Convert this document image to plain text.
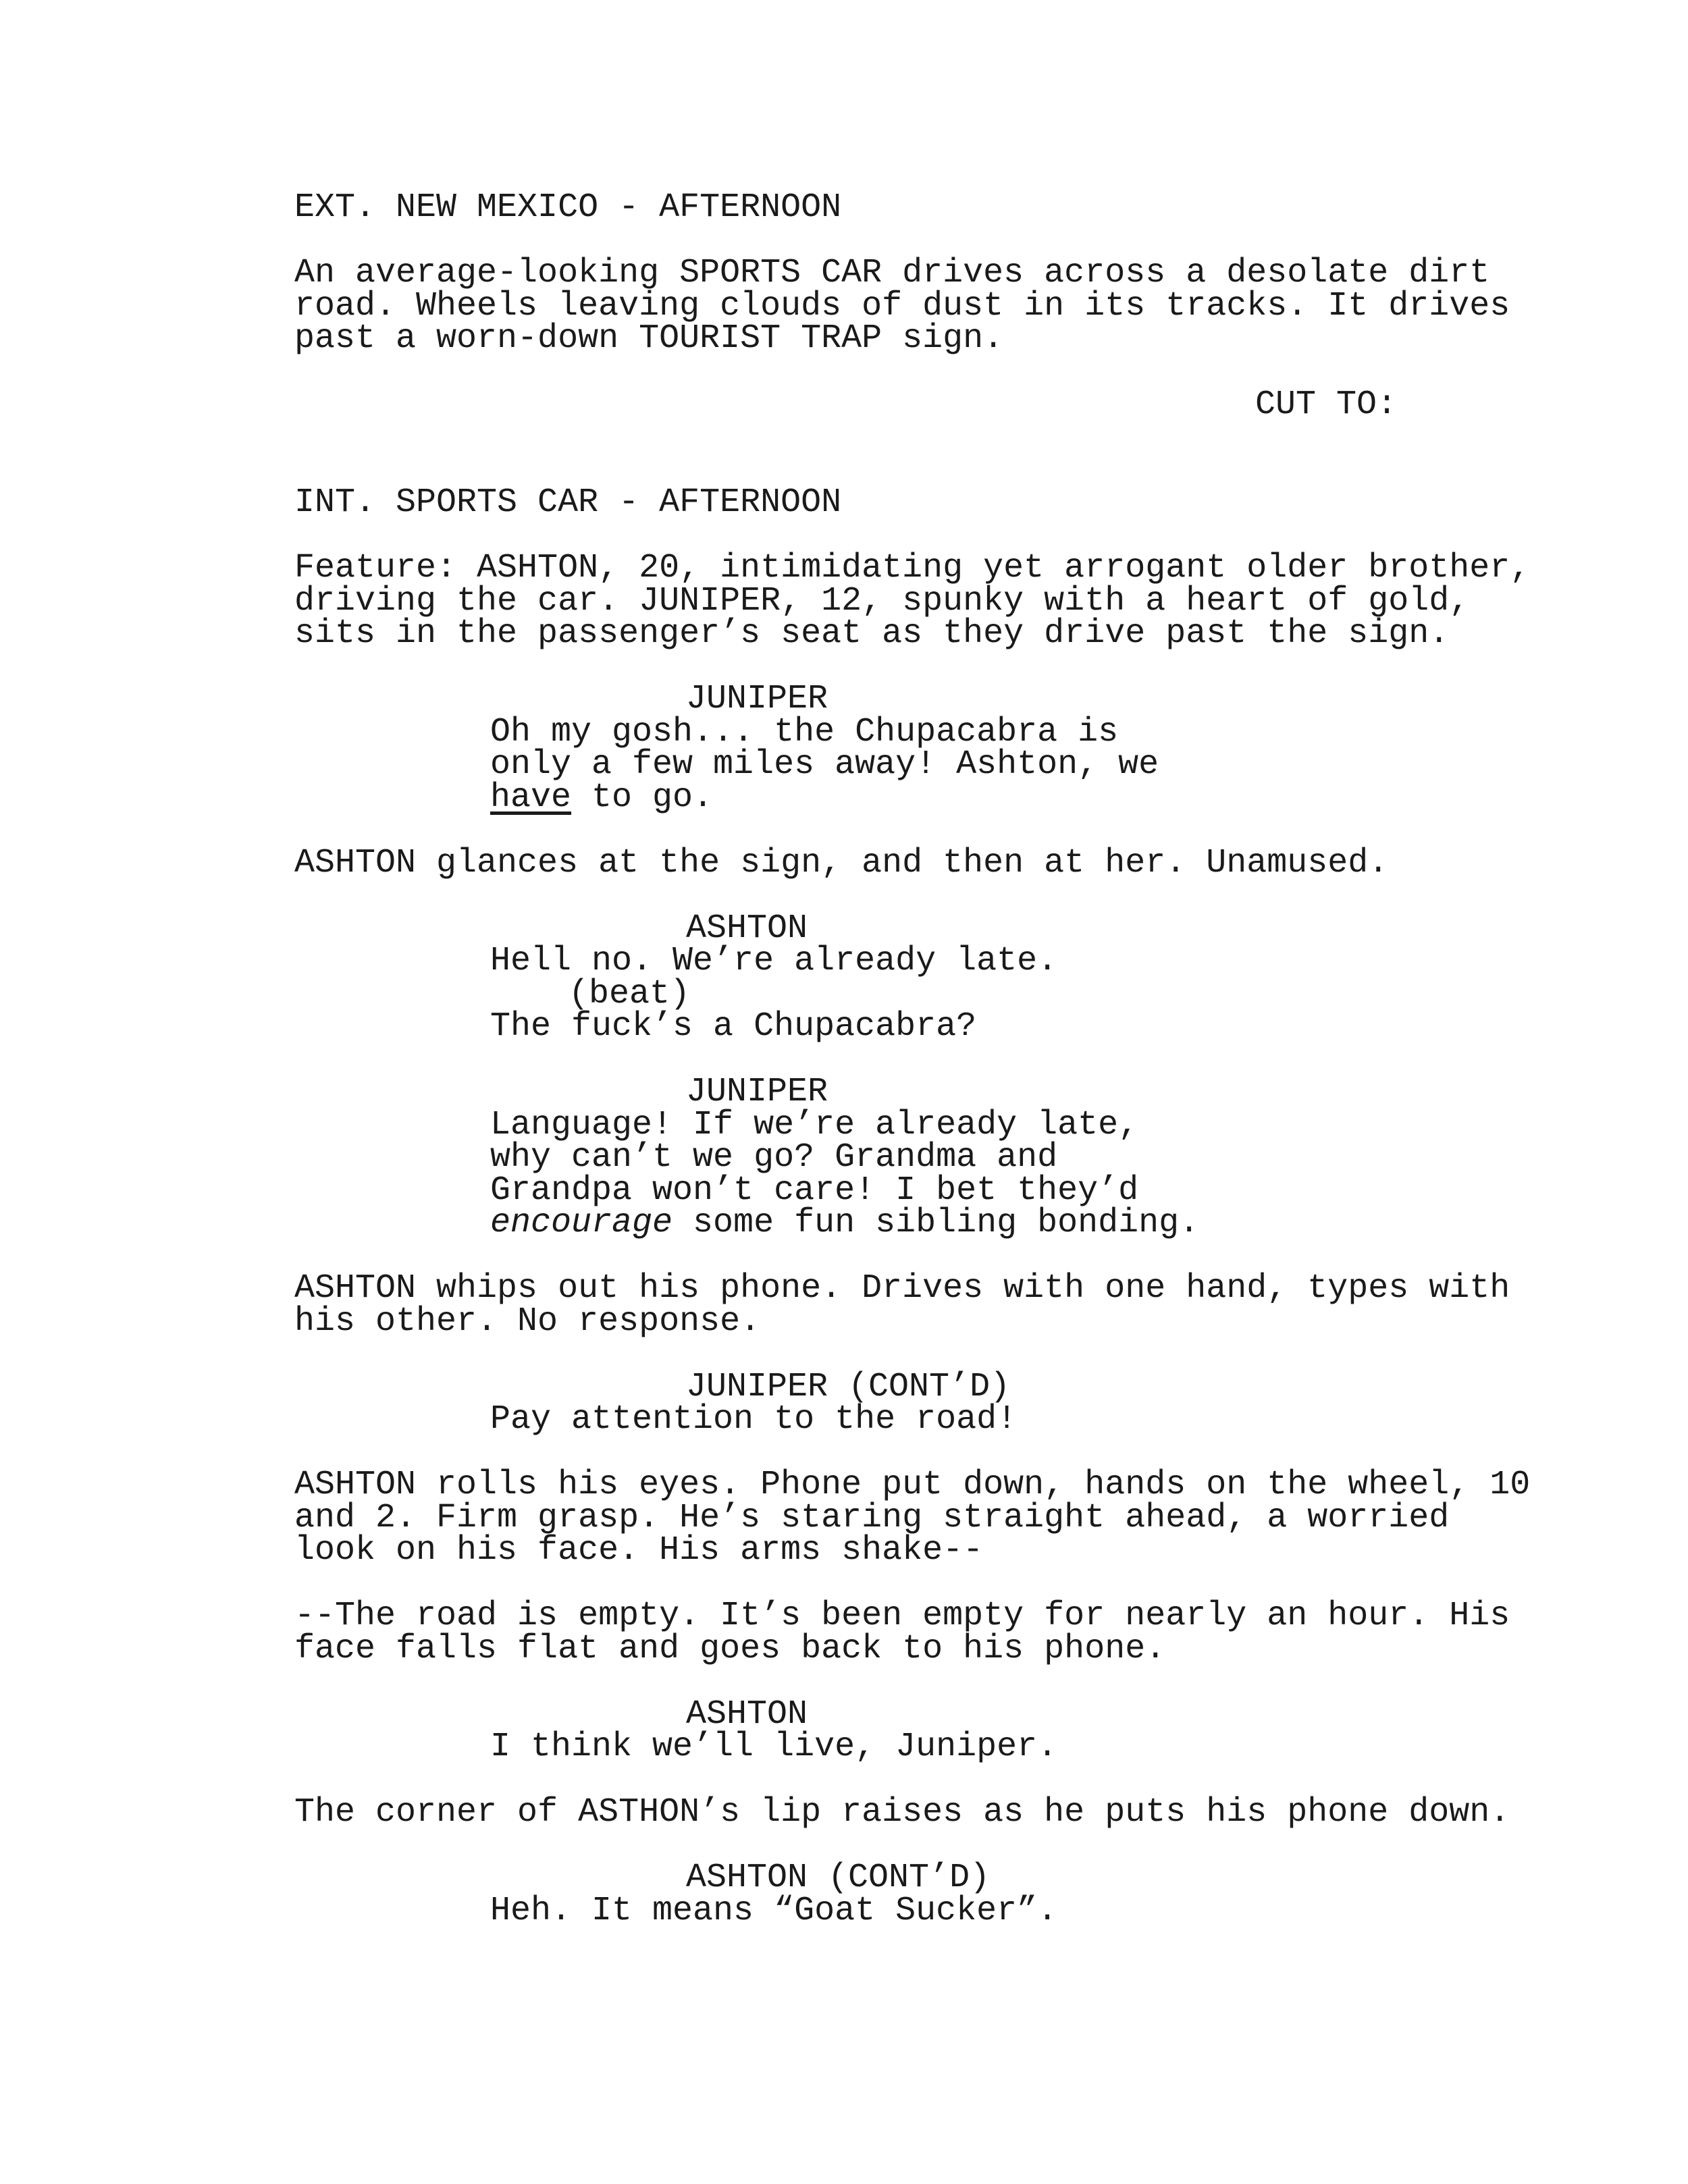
EXT. NEW MEXICO - AFTERNOON

An average-looking SPORTS CAR drives across a desolate dirt

road. Wheels leaving clouds of dust in its tracks. It drives

past a worn-down TOURIST TRAP sign.

CUT TO:

INT. SPORTS CAR - AFTERNOON

Feature: ASHTON, 20, intimidating yet arrogant older brother,

driving the car. JUNIPER, 12, spunky with a heart of gold,

sits in the passenger’s seat as they drive past the sign.

JUNIPER

Oh my gosh... the Chupacabra is

only a few miles away! Ashton, we

have to go.

ASHTON glances at the sign, and then at her. Unamused.

ASHTON

Hell no. We’re already late.

(beat)

The fuck’s a Chupacabra?

JUNIPER

Language! If we’re already late,

why can’t we go? Grandma and

Grandpa won’t care! I bet they’d

encourage some fun sibling bonding.

ASHTON whips out his phone. Drives with one hand, types with

his other. No response.

JUNIPER (CONT’D)

Pay attention to the road!

ASHTON rolls his eyes. Phone put down, hands on the wheel, 10

and 2. Firm grasp. He’s staring straight ahead, a worried

look on his face. His arms shake--

--The road is empty. It’s been empty for nearly an hour. His

face falls flat and goes back to his phone.

ASHTON

I think we’ll live, Juniper.

The corner of ASTHON’s lip raises as he puts his phone down.

ASHTON (CONT’D)

Heh. It means “Goat Sucker”.
